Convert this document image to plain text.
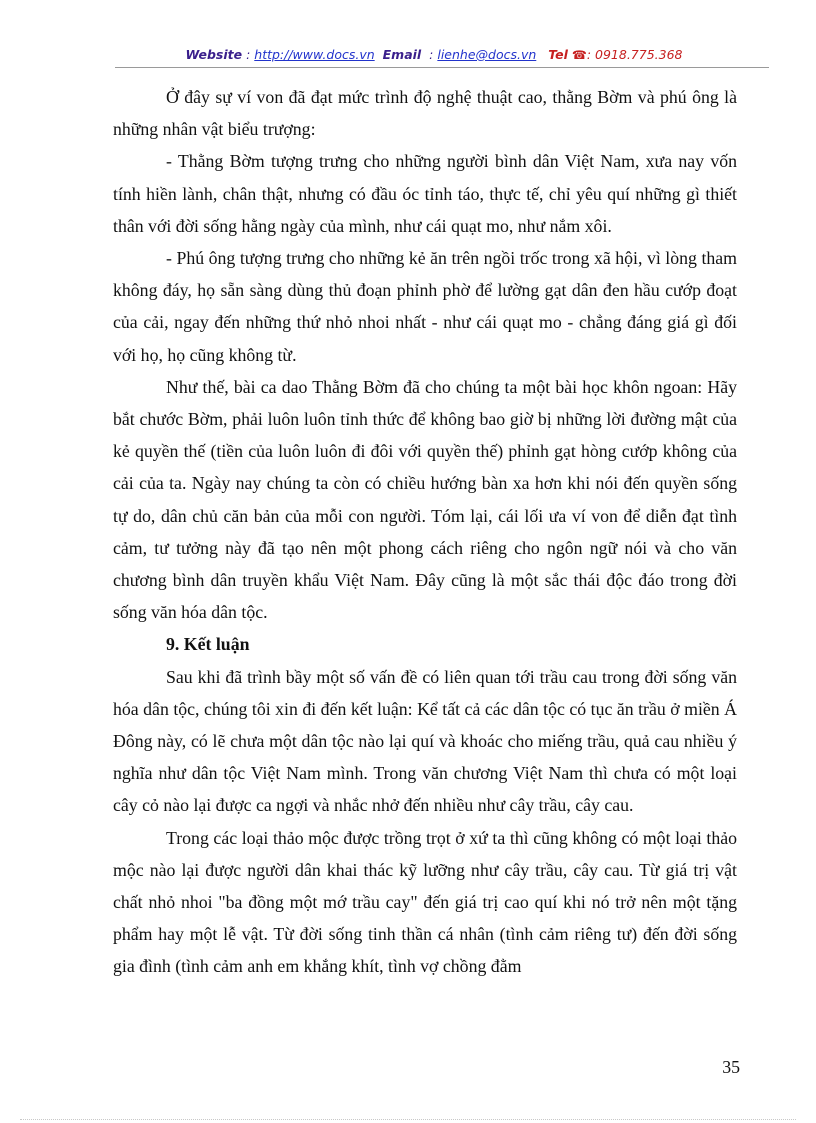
Website : http://www.docs.vn Email  : lienhe@docs.vn Tel ☎: 0918.775.368

Ở đây sự ví von đã đạt mức trình độ nghệ thuật cao, thằng Bờm và phú ông là những nhân vật biểu trượng:

- Thằng Bờm tượng trưng cho những người bình dân Việt Nam, xưa nay vốn tính hiền lành, chân thật, nhưng có đầu óc tỉnh táo, thực tế, chỉ yêu quí những gì thiết thân với đời sống hằng ngày của mình, như cái quạt mo, như nắm xôi.

- Phú ông tượng trưng cho những kẻ ăn trên ngồi trốc trong xã hội, vì lòng tham không đáy, họ sẵn sàng dùng thủ đoạn phỉnh phờ để lường gạt dân đen hầu cướp đoạt của cải, ngay đến những thứ nhỏ nhoi nhất - như cái quạt mo - chẳng đáng giá gì đối với họ, họ cũng không từ.

Như thế, bài ca dao Thằng Bờm đã cho chúng ta một bài học khôn ngoan: Hãy bắt chước Bờm, phải luôn luôn tỉnh thức để không bao giờ bị những lời đường mật của kẻ quyền thế (tiền của luôn luôn đi đôi với quyền thế) phỉnh gạt hòng cướp không của cải của ta. Ngày nay chúng ta còn có chiều hướng bàn xa hơn khi nói đến quyền sống tự do, dân chủ căn bản của mỗi con người. Tóm lại, cái lối ưa ví von để diễn đạt tình cảm, tư tưởng này đã tạo nên một phong cách riêng cho ngôn ngữ nói và cho văn chương bình dân truyền khẩu Việt Nam. Đây cũng là một sắc thái độc đáo trong đời sống văn hóa dân tộc.

9. Kết luận

Sau khi đã trình bầy một số vấn đề có liên quan tới trầu cau trong đời sống văn hóa dân tộc, chúng tôi xin đi đến kết luận: Kể tất cả các dân tộc có tục ăn trầu ở miền Á Đông này, có lẽ chưa một dân tộc nào lại quí và khoác cho miếng trầu, quả cau nhiều ý nghĩa như dân tộc Việt Nam mình. Trong văn chương Việt Nam thì chưa có một loại cây cỏ nào lại được ca ngợi và nhắc nhở đến nhiều như cây trầu, cây cau.

Trong các loại thảo mộc được trồng trọt ở xứ ta thì cũng không có một loại thảo mộc nào lại được người dân khai thác kỹ lưỡng như cây trầu, cây cau. Từ giá trị vật chất nhỏ nhoi "ba đồng một mớ trầu cay" đến giá trị cao quí khi nó trở nên một tặng phẩm hay một lễ vật. Từ đời sống tinh thần cá nhân (tình cảm riêng tư) đến đời sống gia đình (tình cảm anh em khắng khít, tình vợ chồng đằm

35
